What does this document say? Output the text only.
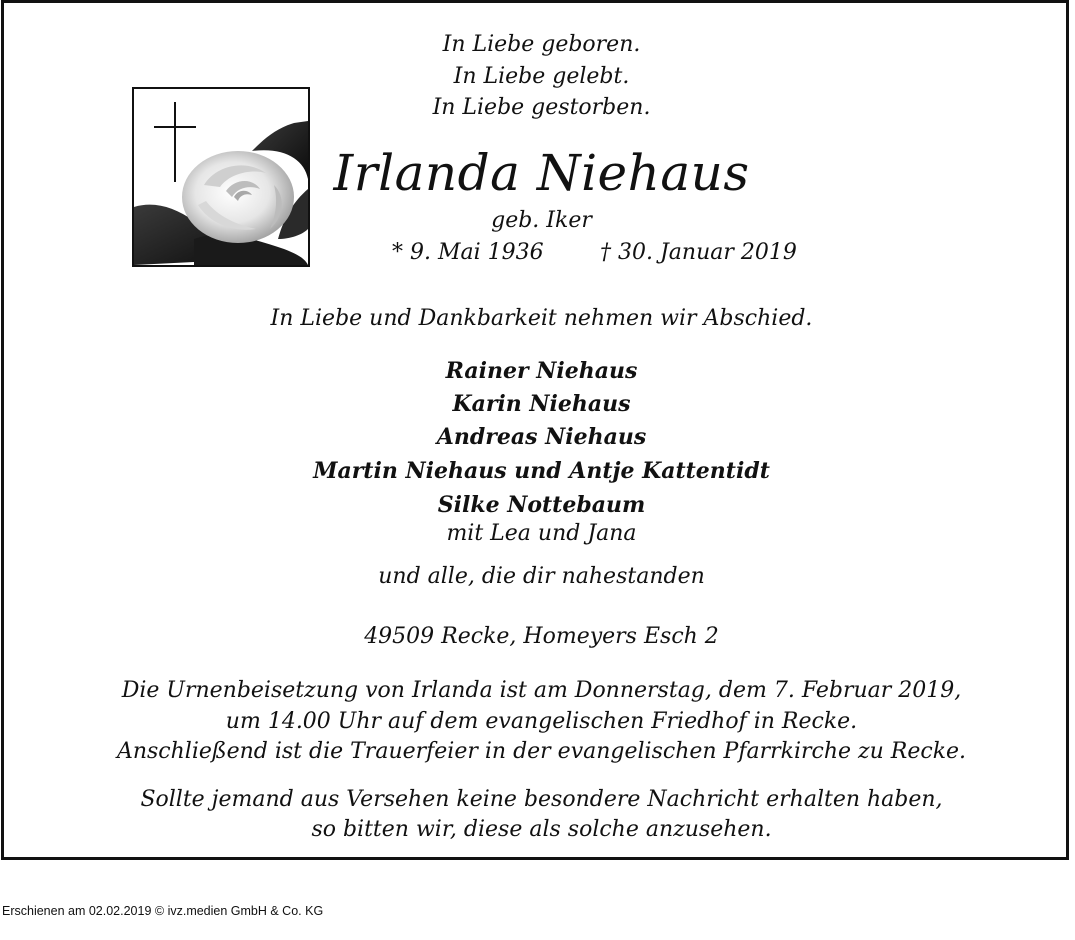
In Liebe geboren.
In Liebe gelebt.
In Liebe gestorben.
Irlanda Niehaus
geb. Iker
* 9. Mai 1936	† 30. Januar 2019
In Liebe und Dankbarkeit nehmen wir Abschied.
Rainer Niehaus
Karin Niehaus
Andreas Niehaus
Martin Niehaus und Antje Kattentidt
Silke Nottebaum
mit Lea und Jana
und alle, die dir nahestanden
49509 Recke, Homeyers Esch 2
Die Urnenbeisetzung von Irlanda ist am Donnerstag, dem 7. Februar 2019,
um 14.00 Uhr auf dem evangelischen Friedhof in Recke.
Anschließend ist die Trauerfeier in der evangelischen Pfarrkirche zu Recke.
Sollte jemand aus Versehen keine besondere Nachricht erhalten haben,
so bitten wir, diese als solche anzusehen.
Erschienen am 02.02.2019 © ivz.medien GmbH & Co. KG
